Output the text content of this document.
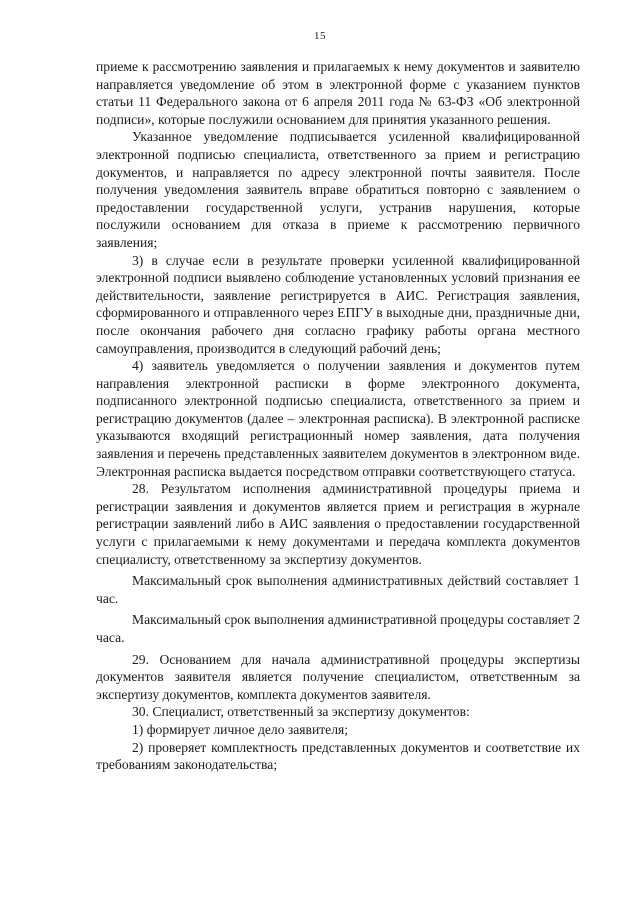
15

приеме к рассмотрению заявления и прилагаемых к нему документов и заявителю направляется уведомление об этом в электронной форме с указанием пунктов статьи 11 Федерального закона от 6 апреля 2011 года № 63-ФЗ «Об электронной подписи», которые послужили основанием для принятия указанного решения.

Указанное уведомление подписывается усиленной квалифицированной электронной подписью специалиста, ответственного за прием и регистрацию документов, и направляется по адресу электронной почты заявителя. После получения уведомления заявитель вправе обратиться повторно с заявлением о предоставлении государственной услуги, устранив нарушения, которые послужили основанием для отказа в приеме к рассмотрению первичного заявления;

3) в случае если в результате проверки усиленной квалифицированной электронной подписи выявлено соблюдение установленных условий признания ее действительности, заявление регистрируется в АИС. Регистрация заявления, сформированного и отправленного через ЕПГУ в выходные дни, праздничные дни, после окончания рабочего дня согласно графику работы органа местного самоуправления, производится в следующий рабочий день;

4) заявитель уведомляется о получении заявления и документов путем направления электронной расписки в форме электронного документа, подписанного электронной подписью специалиста, ответственного за прием и регистрацию документов (далее – электронная расписка). В электронной расписке указываются входящий регистрационный номер заявления, дата получения заявления и перечень представленных заявителем документов в электронном виде. Электронная расписка выдается посредством отправки соответствующего статуса.

28. Результатом исполнения административной процедуры приема и регистрации заявления и документов является прием и регистрация в журнале регистрации заявлений либо в АИС заявления о предоставлении государственной услуги с прилагаемыми к нему документами и передача комплекта документов специалисту, ответственному за экспертизу документов.

Максимальный срок выполнения административных действий составляет 1 час.

Максимальный срок выполнения административной процедуры составляет 2 часа.

29. Основанием для начала административной процедуры экспертизы документов заявителя является получение специалистом, ответственным за экспертизу документов, комплекта документов заявителя.

30. Специалист, ответственный за экспертизу документов:

1) формирует личное дело заявителя;

2) проверяет комплектность представленных документов и соответствие их требованиям законодательства;
